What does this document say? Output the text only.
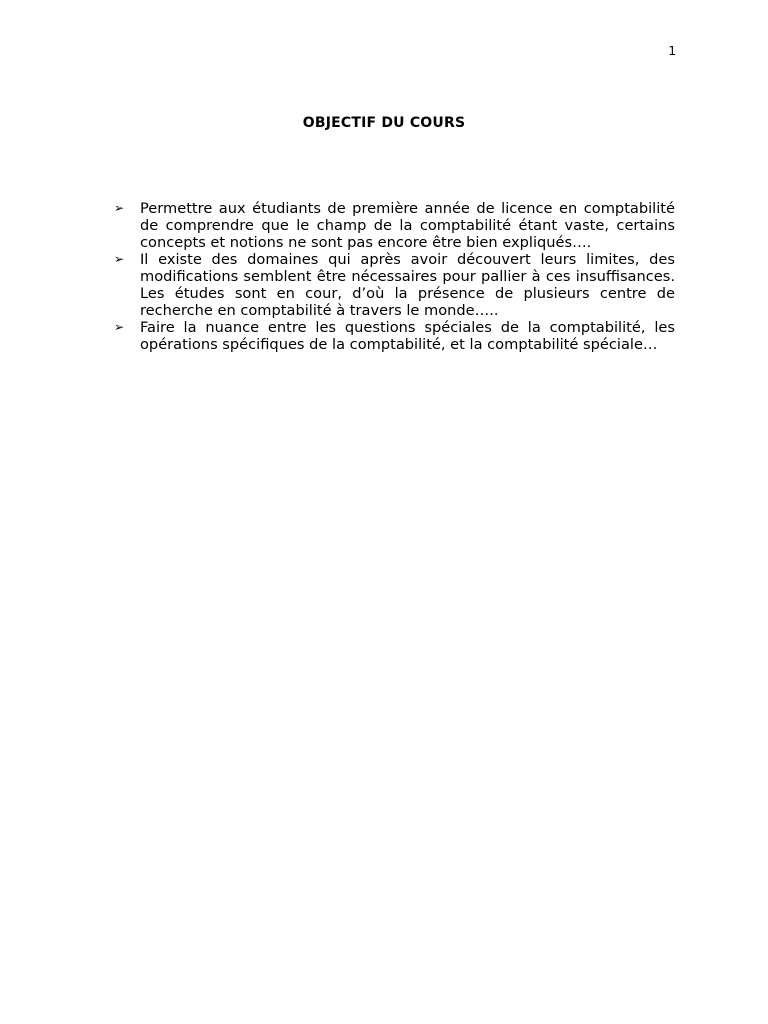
1
OBJECTIF DU COURS
➢	Permettre aux étudiants de première année de licence en comptabilité de comprendre que le champ de la comptabilité étant vaste, certains concepts et notions ne sont pas encore être bien expliqués….
➢	Il existe des domaines qui après avoir découvert leurs limites, des modifications semblent être nécessaires pour pallier à ces insuffisances. Les études sont en cour, d’où la présence de plusieurs centre de recherche en comptabilité à travers le monde…..
➢	Faire la nuance entre les questions spéciales de la comptabilité, les opérations spécifiques de la comptabilité, et la comptabilité spéciale…
